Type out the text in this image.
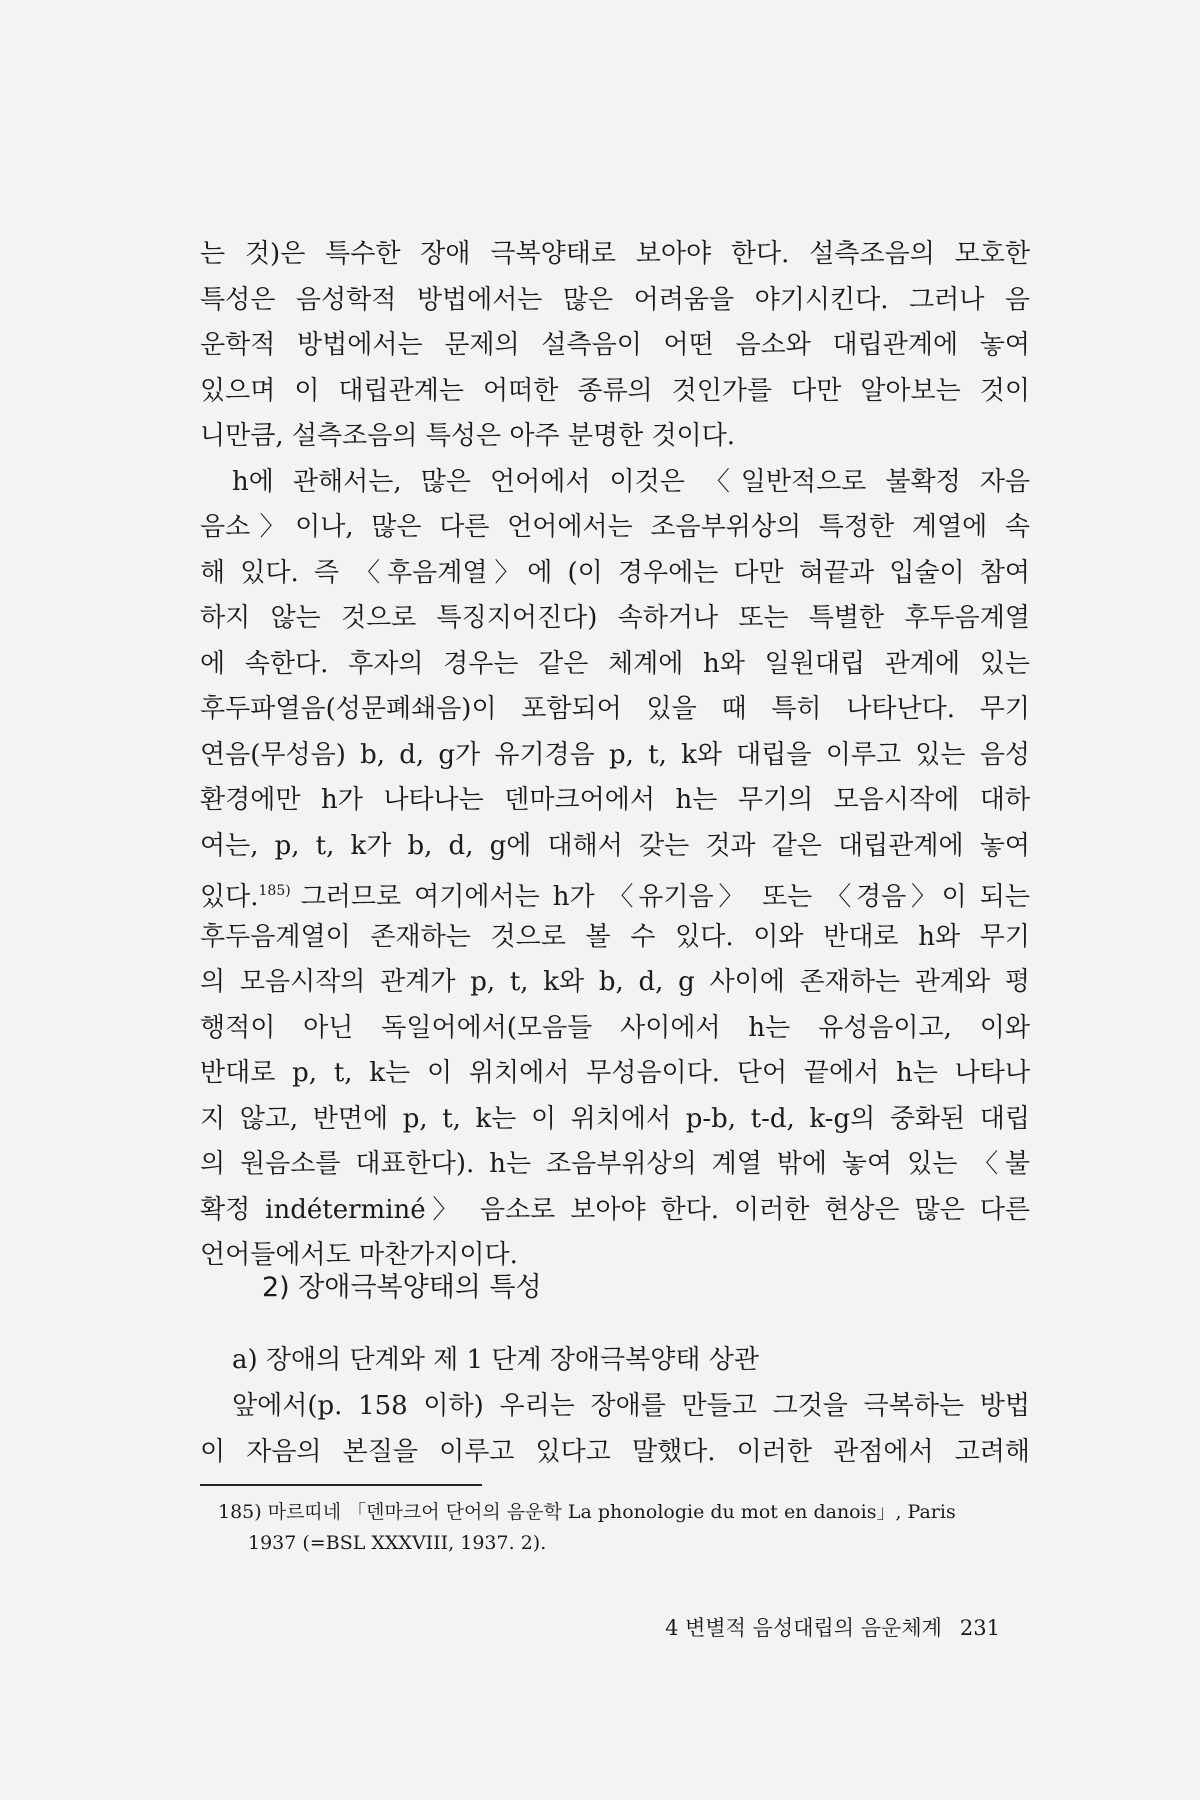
는 것)은 특수한 장애 극복양태로 보아야 한다. 설측조음의 모호한
특성은 음성학적 방법에서는 많은 어려움을 야기시킨다. 그러나 음
운학적 방법에서는 문제의 설측음이 어떤 음소와 대립관계에 놓여
있으며 이 대립관계는 어떠한 종류의 것인가를 다만 알아보는 것이
니만큼, 설측조음의 특성은 아주 분명한 것이다.
h에 관해서는, 많은 언어에서 이것은 〈일반적으로 불확정 자음
음소〉이나, 많은 다른 언어에서는 조음부위상의 특정한 계열에 속
해 있다. 즉 〈후음계열〉에 (이 경우에는 다만 혀끝과 입술이 참여
하지 않는 것으로 특징지어진다) 속하거나 또는 특별한 후두음계열
에 속한다. 후자의 경우는 같은 체계에 h와 일원대립 관계에 있는
후두파열음(성문폐쇄음)이 포함되어 있을 때 특히 나타난다. 무기
연음(무성음) b, d, g가 유기경음 p, t, k와 대립을 이루고 있는 음성
환경에만 h가 나타나는 덴마크어에서 h는 무기의 모음시작에 대하
여는, p, t, k가 b, d, g에 대해서 갖는 것과 같은 대립관계에 놓여
있다.$^{185)}$ 그러므로 여기에서는 h가 〈유기음〉 또는 〈경음〉이 되는
후두음계열이 존재하는 것으로 볼 수 있다. 이와 반대로 h와 무기
의 모음시작의 관계가 p, t, k와 b, d, g 사이에 존재하는 관계와 평
행적이 아닌 독일어에서(모음들 사이에서 h는 유성음이고, 이와
반대로 p, t, k는 이 위치에서 무성음이다. 단어 끝에서 h는 나타나
지 않고, 반면에 p, t, k는 이 위치에서 p-b, t-d, k-g의 중화된 대립
의 원음소를 대표한다). h는 조음부위상의 계열 밖에 놓여 있는 〈불
확정 indéterminé〉 음소로 보아야 한다. 이러한 현상은 많은 다른
언어들에서도 마찬가지이다.
2) 장애극복양태의 특성
a) 장애의 단계와 제 1 단계 장애극복양태 상관
앞에서(p. 158 이하) 우리는 장애를 만들고 그것을 극복하는 방법
이 자음의 본질을 이루고 있다고 말했다. 이러한 관점에서 고려해
185) 마르띠네 「덴마크어 단어의 음운학 La phonologie du mot en danois」, Paris
1937 (=BSL XXXVIII, 1937. 2).
4 변별적 음성대립의 음운체계 231
